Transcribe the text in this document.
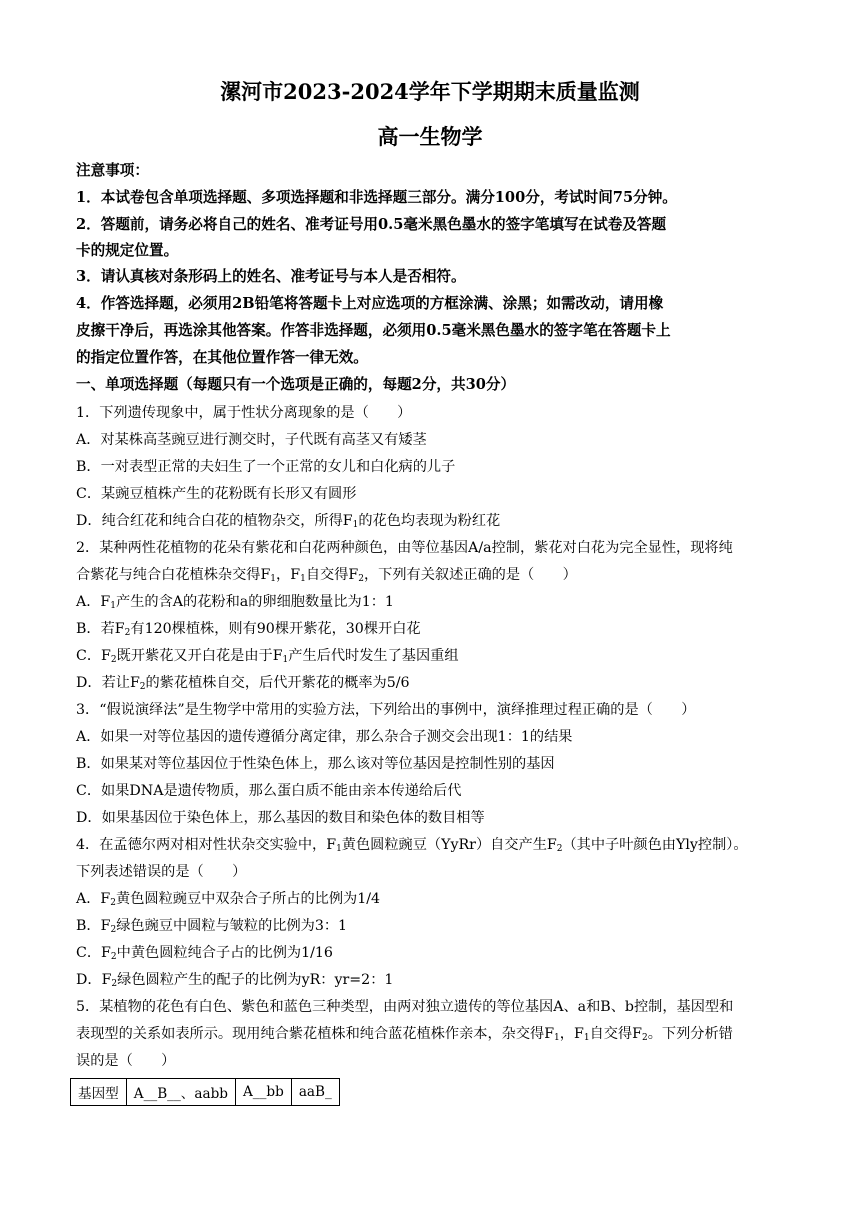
漯河市2023-2024学年下学期期末质量监测
高一生物学
注意事项：
1．本试卷包含单项选择题、多项选择题和非选择题三部分。满分100分，考试时间75分钟。
2．答题前，请务必将自己的姓名、准考证号用0.5毫米黑色墨水的签字笔填写在试卷及答题
卡的规定位置。
3．请认真核对条形码上的姓名、准考证号与本人是否相符。
4．作答选择题，必须用2B铅笔将答题卡上对应选项的方框涂满、涂黑；如需改动，请用橡
皮擦干净后，再选涂其他答案。作答非选择题，必须用0.5毫米黑色墨水的签字笔在答题卡上
的指定位置作答，在其他位置作答一律无效。
一、单项选择题（每题只有一个选项是正确的，每题2分，共30分）
1．下列遗传现象中，属于性状分离现象的是（　　）
A．对某株高茎豌豆进行测交时，子代既有高茎又有矮茎
B．一对表型正常的夫妇生了一个正常的女儿和白化病的儿子
C．某豌豆植株产生的花粉既有长形又有圆形
D．纯合红花和纯合白花的植物杂交，所得$F_1$的花色均表现为粉红花
2．某种两性花植物的花朵有紫花和白花两种颜色，由等位基因A/a控制，紫花对白花为完全显性，现将纯
合紫花与纯合白花植株杂交得$F_1$，$F_1$自交得$F_2$，下列有关叙述正确的是（　　）
A．$F_1$产生的含A的花粉和a的卵细胞数量比为1：1
B．若$F_2$有120棵植株，则有90棵开紫花，30棵开白花
C．$F_2$既开紫花又开白花是由于$F_1$产生后代时发生了基因重组
D．若让$F_2$的紫花植株自交，后代开紫花的概率为5/6
3．“假说演绎法”是生物学中常用的实验方法，下列给出的事例中，演绎推理过程正确的是（　　）
A．如果一对等位基因的遗传遵循分离定律，那么杂合子测交会出现1：1的结果
B．如果某对等位基因位于性染色体上，那么该对等位基因是控制性别的基因
C．如果DNA是遗传物质，那么蛋白质不能由亲本传递给后代
D．如果基因位于染色体上，那么基因的数目和染色体的数目相等
4．在孟德尔两对相对性状杂交实验中，$F_1$黄色圆粒豌豆（YyRr）自交产生$F_2$（其中子叶颜色由Yly控制）。
下列表述错误的是（　　）
A．$F_2$黄色圆粒豌豆中双杂合子所占的比例为1/4
B．$F_2$绿色豌豆中圆粒与皱粒的比例为3：1
C．$F_2$中黄色圆粒纯合子占的比例为1/16
D．$F_2$绿色圆粒产生的配子的比例为yR：yr=2：1
5．某植物的花色有白色、紫色和蓝色三种类型，由两对独立遗传的等位基因A、a和B、b控制，基因型和
表现型的关系如表所示。现用纯合紫花植株和纯合蓝花植株作亲本，杂交得$F_1$，$F_1$自交得$F_2$。下列分析错
误的是（　　）
基因型	A__B__、aabb	A__bb	aaB_
